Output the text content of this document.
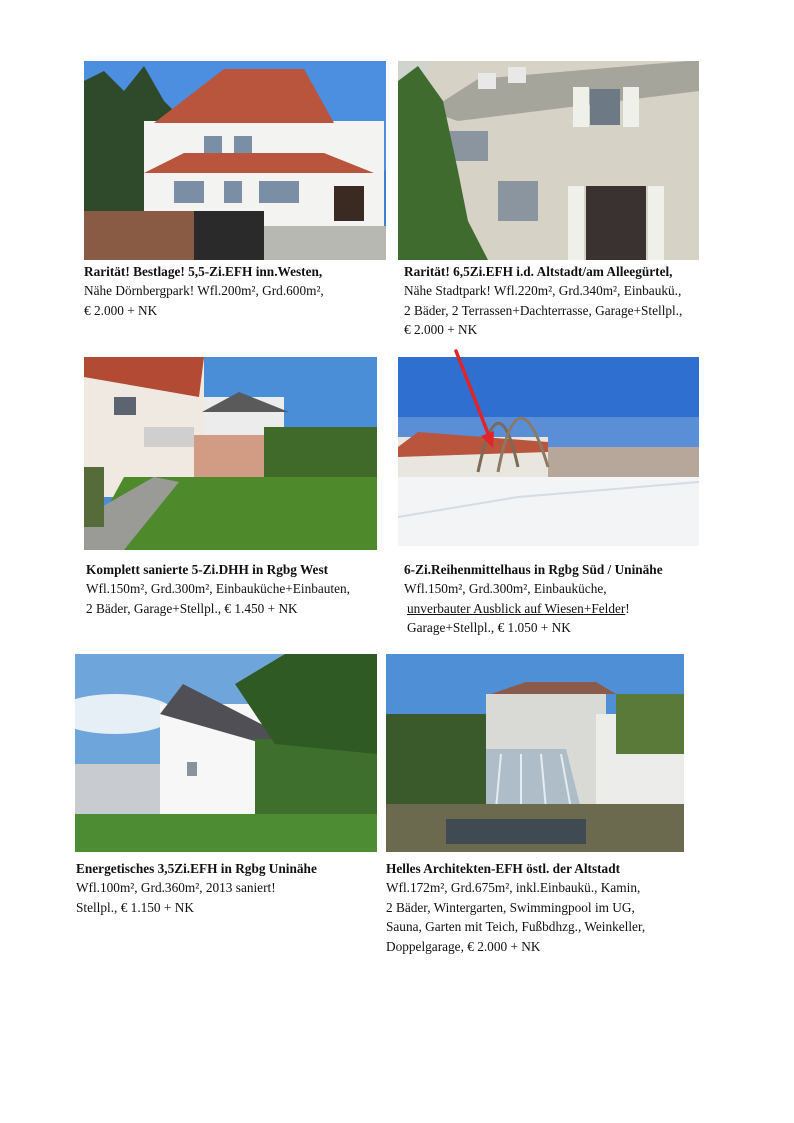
Rarität! Bestlage! 5,5-Zi.EFH inn.Westen,
Nähe Dörnbergpark! Wfl.200m², Grd.600m²,
€ 2.000 + NK
Rarität! 6,5Zi.EFH i.d. Altstadt/am Alleegürtel,
Nähe Stadtpark! Wfl.220m², Grd.340m², Einbaukü.,
2 Bäder, 2 Terrassen+Dachterrasse, Garage+Stellpl.,
€ 2.000 + NK
Komplett sanierte 5-Zi.DHH in Rgbg West
Wfl.150m², Grd.300m², Einbauküche+Einbauten,
2 Bäder, Garage+Stellpl., € 1.450 + NK
6-Zi.Reihenmittelhaus in Rgbg Süd / Uninähe
Wfl.150m², Grd.300m², Einbauküche,
unverbauter Ausblick auf Wiesen+Felder!
Garage+Stellpl., € 1.050 + NK
Energetisches 3,5Zi.EFH in Rgbg Uninähe
Wfl.100m², Grd.360m², 2013 saniert!
Stellpl., € 1.150 + NK
Helles Architekten-EFH östl. der Altstadt
Wfl.172m², Grd.675m², inkl.Einbaukü., Kamin,
2 Bäder, Wintergarten, Swimmingpool im UG,
Sauna, Garten mit Teich, Fußbdhzg., Weinkeller,
Doppelgarage, € 2.000 + NK
